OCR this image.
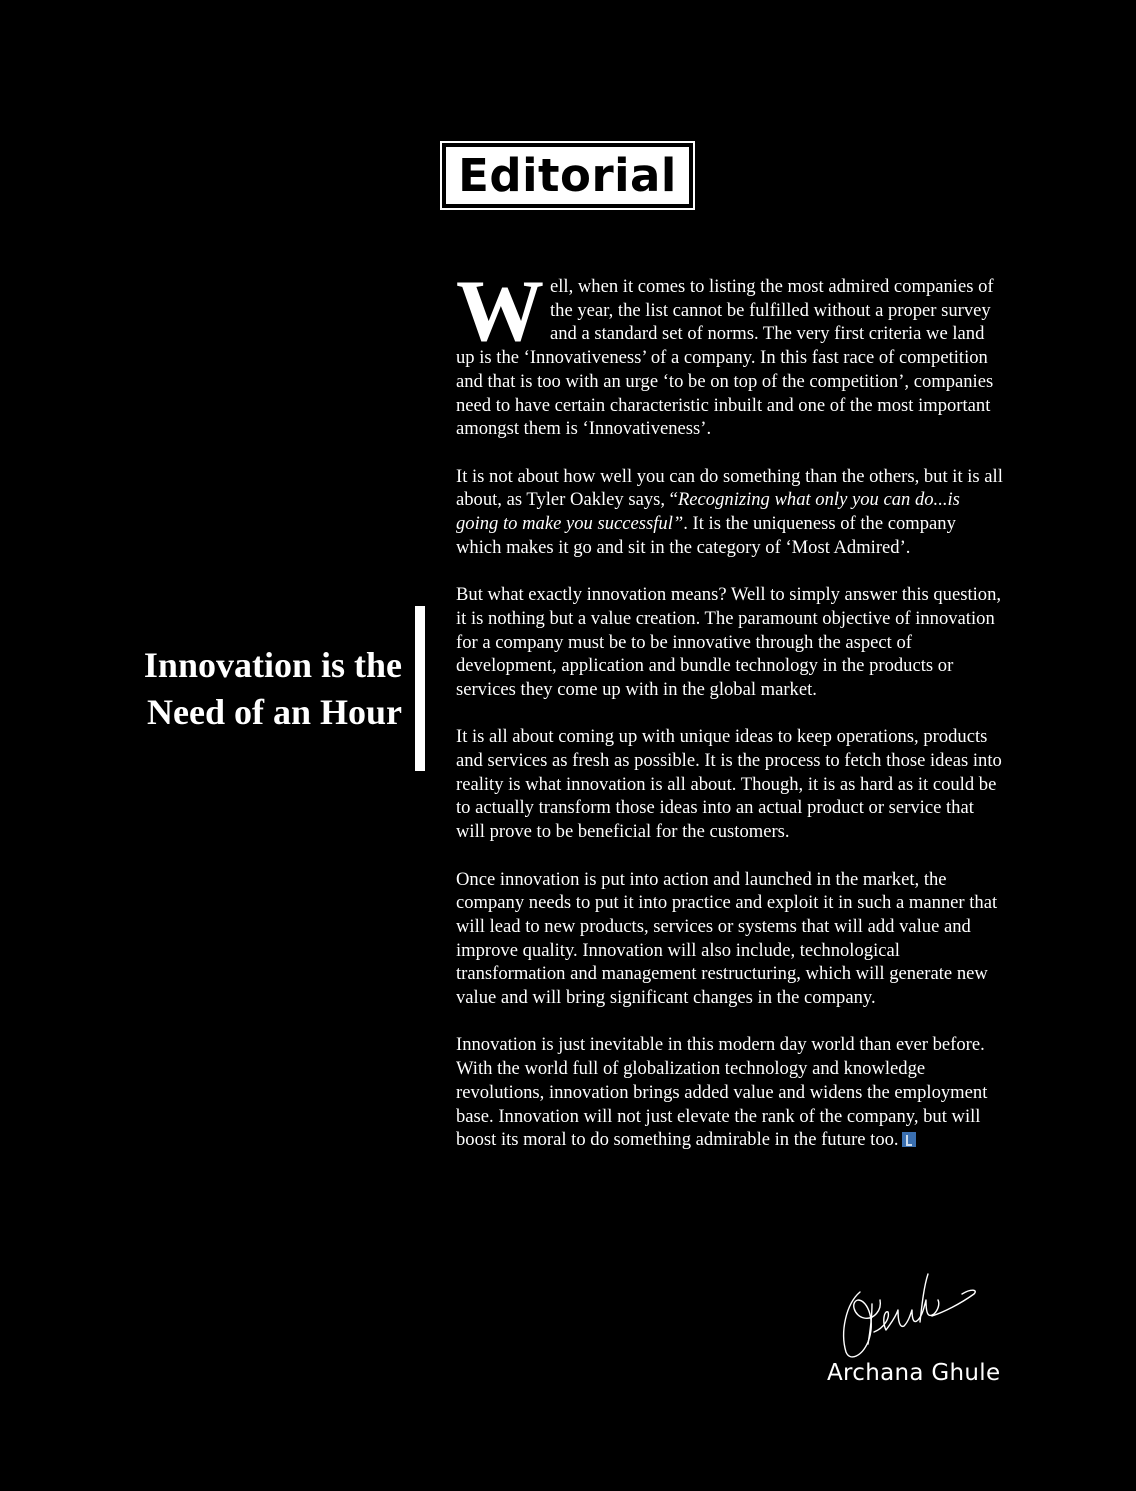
Editorial
Innovation is the
Need of an Hour

Well, when it comes to listing the most admired companies of the year, the list cannot be fulfilled without a proper survey and a standard set of norms. The very first criteria we land up is the ‘Innovativeness’ of a company. In this fast race of competition and that is too with an urge ‘to be on top of the competition’, companies need to have certain characteristic inbuilt and one of the most important amongst them is ‘Innovativeness’.

It is not about how well you can do something than the others, but it is all about, as Tyler Oakley says, “Recognizing what only you can do...is going to make you successful”. It is the uniqueness of the company which makes it go and sit in the category of ‘Most Admired’.

But what exactly innovation means? Well to simply answer this question, it is nothing but a value creation. The paramount objective of innovation for a company must be to be innovative through the aspect of development, application and bundle technology in the products or services they come up with in the global market.

It is all about coming up with unique ideas to keep operations, products and services as fresh as possible. It is the process to fetch those ideas into reality is what innovation is all about. Though, it is as hard as it could be to actually transform those ideas into an actual product or service that will prove to be beneficial for the customers.

Once innovation is put into action and launched in the market, the company needs to put it into practice and exploit it in such a manner that will lead to new products, services or systems that will add value and improve quality. Innovation will also include, technological transformation and management restructuring, which will generate new value and will bring significant changes in the company.

Innovation is just inevitable in this modern day world than ever before. With the world full of globalization technology and knowledge revolutions, innovation brings added value and widens the employment base. Innovation will not just elevate the rank of the company, but will boost its moral to do something admirable in the future too.

Archana Ghule
